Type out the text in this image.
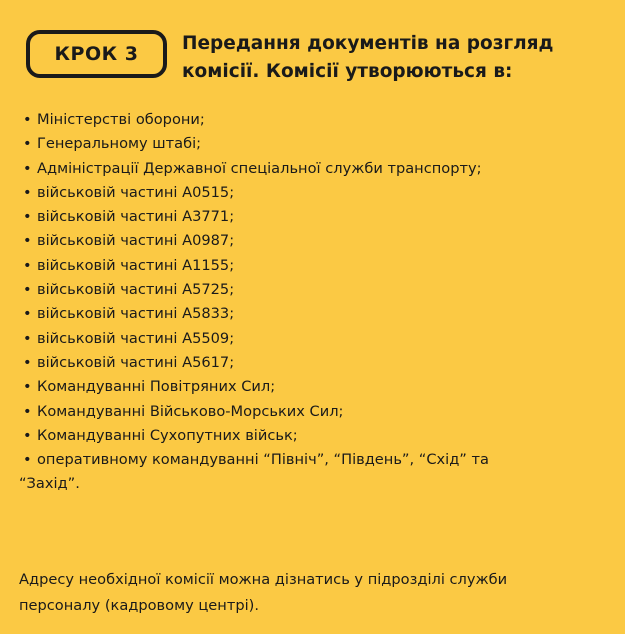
КРОК 3 Передання документів на розгляд
комісії. Комісії утворюються в:
• Міністерстві оборони;
• Генеральному штабі;
• Адміністрації Державної спеціальної служби транспорту;
• військовій частині А0515;
• військовій частині А3771;
• військовій частині А0987;
• військовій частині А1155;
• військовій частині А5725;
• військовій частині А5833;
• військовій частині А5509;
• військовій частині А5617;
• Командуванні Повітряних Сил;
• Командуванні Військово-Морських Сил;
• Командуванні Сухопутних військ;
• оперативному командуванні “Північ”, “Південь”, “Схід” та
“Захід”.
Адресу необхідної комісії можна дізнатись у підрозділі служби
персоналу (кадровому центрі).
